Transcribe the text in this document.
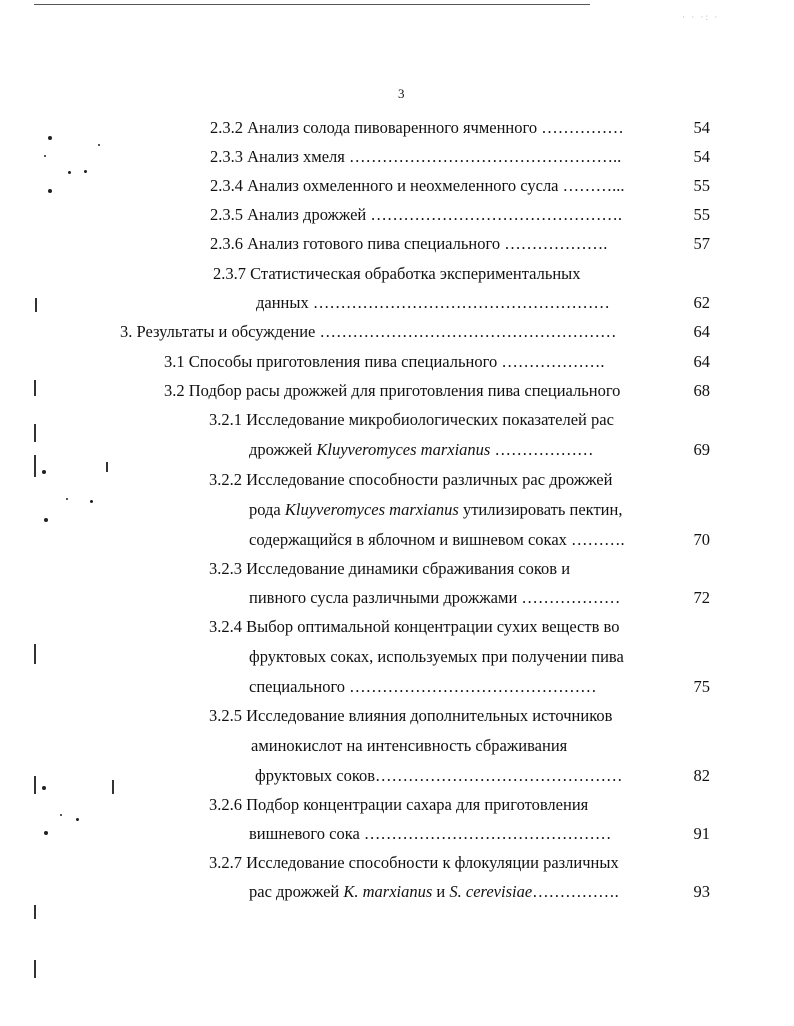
· · ·: ·
3
2.3.2 Анализ солода пивоваренного ячменного ……………	54
2.3.3 Анализ хмеля …………………………………………..	54
2.3.4 Анализ охмеленного и неохмеленного сусла ………...	55
2.3.5 Анализ дрожжей ……………………………………….	55
2.3.6 Анализ готового пива специального ……………….	57
2.3.7 Статистическая обработка экспериментальных
данных ………………………………………………	62
3. Результаты и обсуждение ………………………………………………	64
3.1 Способы приготовления пива специального ……………….	64
3.2 Подбор расы дрожжей для приготовления пива специального	68
3.2.1 Исследование микробиологических показателей рас
дрожжей Kluyveromyces marxianus ………………	69
3.2.2 Исследование способности различных рас дрожжей
рода Kluyveromyces marxianus утилизировать пектин,
содержащийся в яблочном и вишневом соках ……….	70
3.2.3 Исследование динамики сбраживания соков и
пивного сусла различными дрожжами ………………	72
3.2.4 Выбор оптимальной концентрации сухих веществ во
фруктовых соках, используемых при получении пива
специального ………………………………………	75
3.2.5 Исследование влияния дополнительных источников
аминокислот на интенсивность сбраживания
фруктовых соков………………………………………	82
3.2.6 Подбор концентрации сахара для приготовления
вишневого сока ………………………………………	91
3.2.7 Исследование способности к флокуляции различных
рас дрожжей K. marxianus и S. cerevisiae…………….	93
